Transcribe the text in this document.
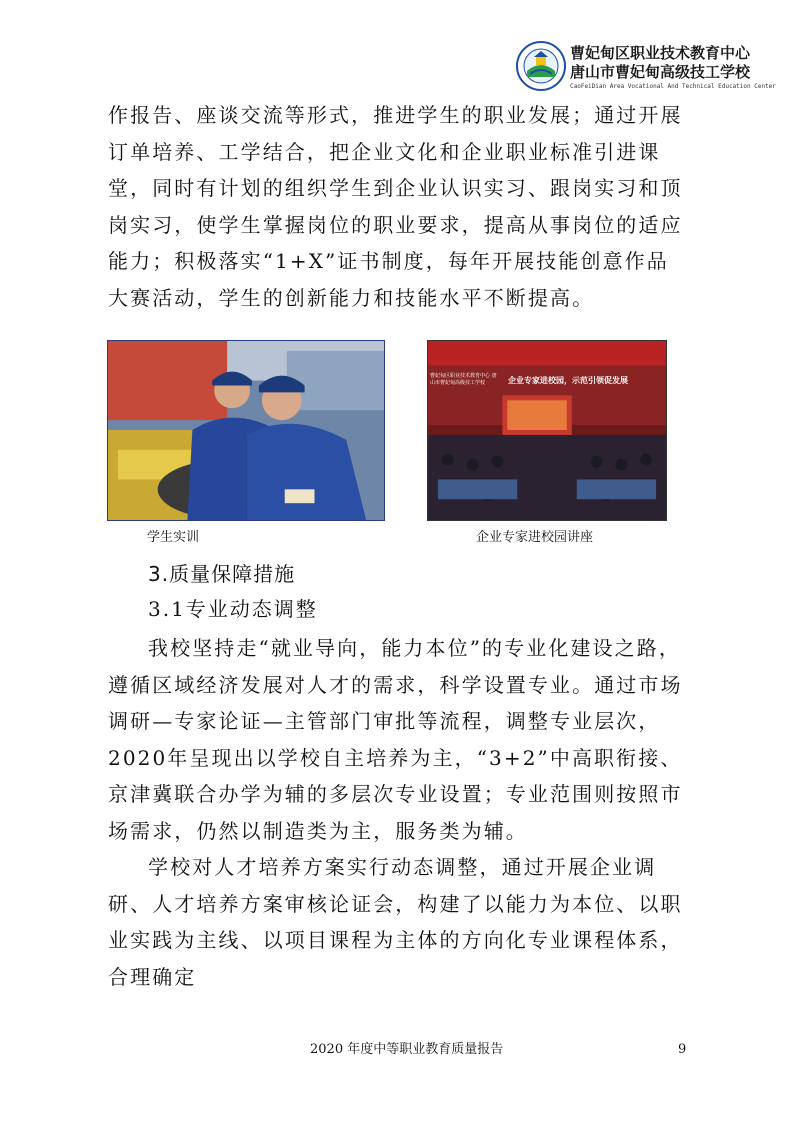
曹妃甸区职业技术教育中心
唐山市曹妃甸高级技工学校
CaoFeiDian Area Vocational And Technical Education Center

作报告、座谈交流等形式，推进学生的职业发展；通过开展订单培养、工学结合，把企业文化和企业职业标准引进课堂，同时有计划的组织学生到企业认识实习、跟岗实习和顶岗实习，使学生掌握岗位的职业要求，提高从事岗位的适应能力；积极落实“1+X”证书制度，每年开展技能创意作品大赛活动，学生的创新能力和技能水平不断提高。

曹妃甸区职业技术教育中心 唐山市曹妃甸高级技工学校	企业专家进校园，示范引领促发展
学生实训	企业专家进校园讲座
3.质量保障措施
3.1专业动态调整

我校坚持走“就业导向，能力本位”的专业化建设之路，遵循区域经济发展对人才的需求，科学设置专业。通过市场调研—专家论证—主管部门审批等流程，调整专业层次，2020年呈现出以学校自主培养为主，“3+2”中高职衔接、京津冀联合办学为辅的多层次专业设置；专业范围则按照市场需求，仍然以制造类为主，服务类为辅。

学校对人才培养方案实行动态调整，通过开展企业调研、人才培养方案审核论证会，构建了以能力为本位、以职业实践为主线、以项目课程为主体的方向化专业课程体系，合理确定

2020 年度中等职业教育质量报告	9
